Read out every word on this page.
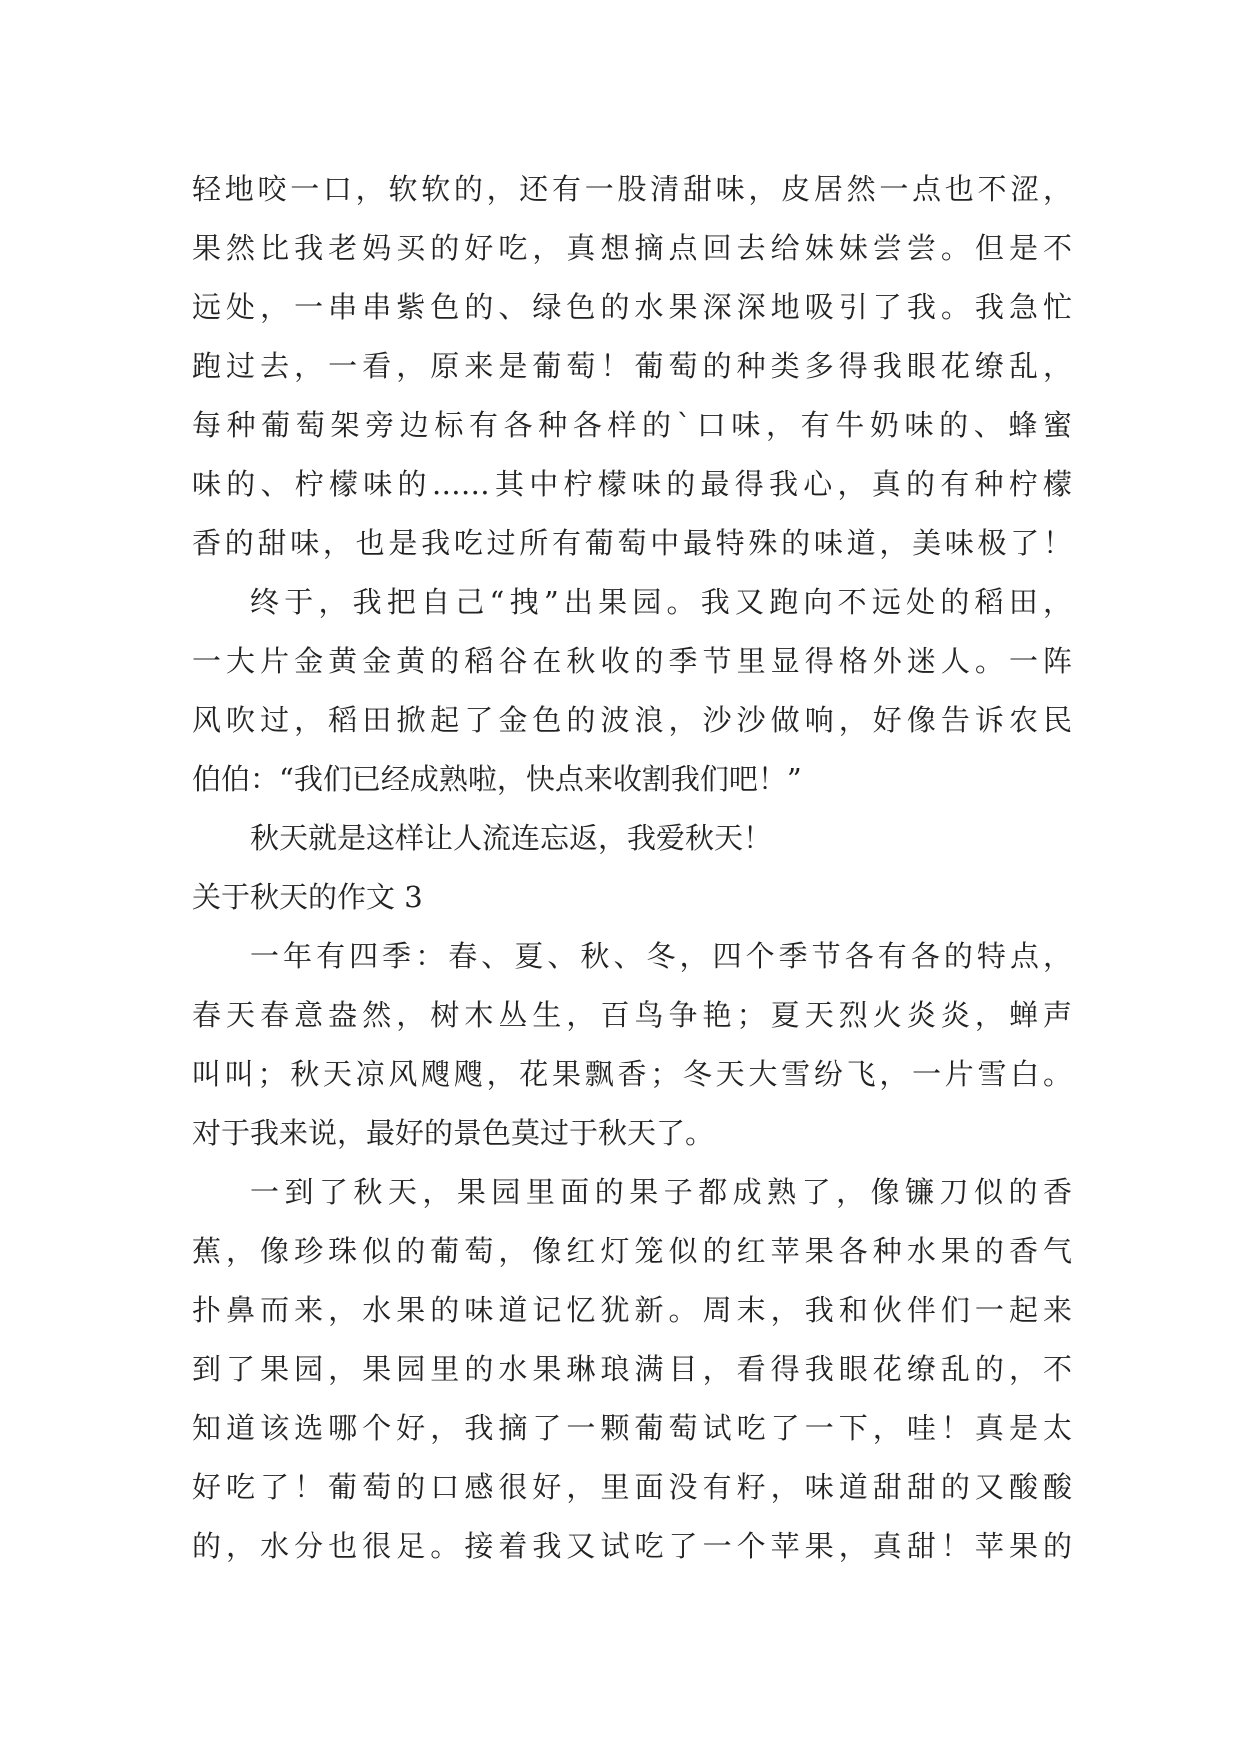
轻地咬一口，软软的，还有一股清甜味，皮居然一点也不涩，
果然比我老妈买的好吃，真想摘点回去给妹妹尝尝。但是不
远处，一串串紫色的、绿色的水果深深地吸引了我。我急忙
跑过去，一看，原来是葡萄！葡萄的种类多得我眼花缭乱，
每种葡萄架旁边标有各种各样的`口味，有牛奶味的、蜂蜜
味的、柠檬味的……其中柠檬味的最得我心，真的有种柠檬
香的甜味，也是我吃过所有葡萄中最特殊的味道，美味极了！
终于，我把自己“拽”出果园。我又跑向不远处的稻田，
一大片金黄金黄的稻谷在秋收的季节里显得格外迷人。一阵
风吹过，稻田掀起了金色的波浪，沙沙做响，好像告诉农民
伯伯：“我们已经成熟啦，快点来收割我们吧！”
秋天就是这样让人流连忘返，我爱秋天！
关于秋天的作文 3
一年有四季：春、夏、秋、冬，四个季节各有各的特点，
春天春意盎然，树木丛生，百鸟争艳；夏天烈火炎炎，蝉声
叫叫；秋天凉风飕飕，花果飘香；冬天大雪纷飞，一片雪白。
对于我来说，最好的景色莫过于秋天了。
一到了秋天，果园里面的果子都成熟了，像镰刀似的香
蕉，像珍珠似的葡萄，像红灯笼似的红苹果各种水果的香气
扑鼻而来，水果的味道记忆犹新。周末，我和伙伴们一起来
到了果园，果园里的水果琳琅满目，看得我眼花缭乱的，不
知道该选哪个好，我摘了一颗葡萄试吃了一下，哇！真是太
好吃了！葡萄的口感很好，里面没有籽，味道甜甜的又酸酸
的，水分也很足。接着我又试吃了一个苹果，真甜！苹果的
